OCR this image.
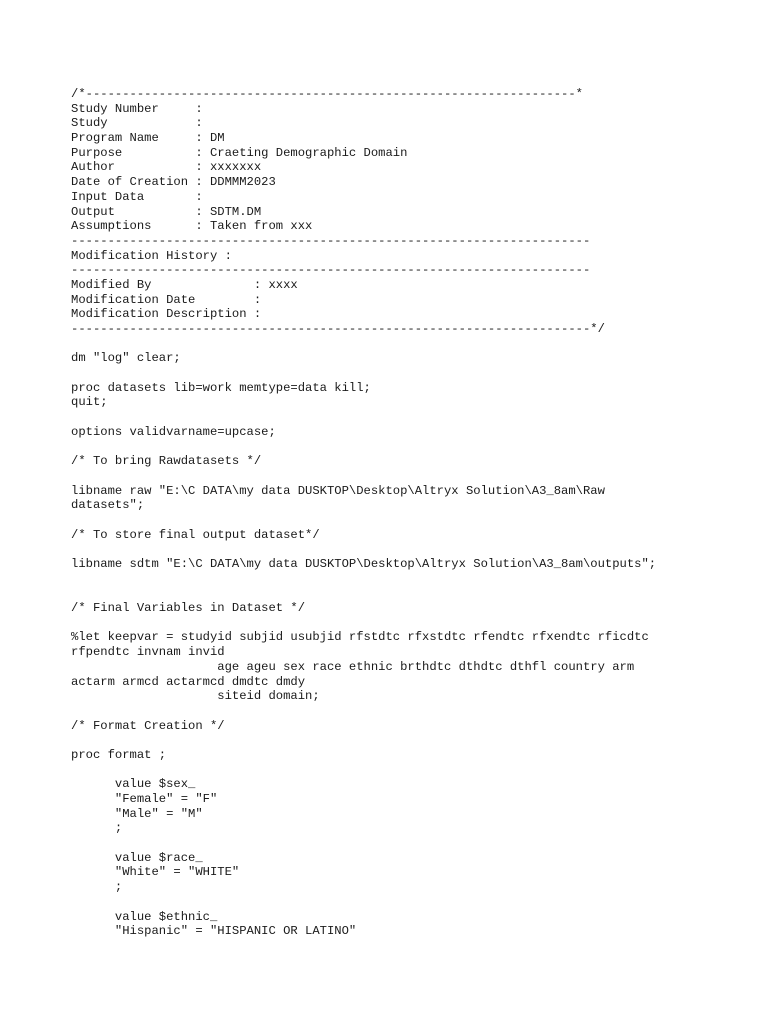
/*-------------------------------------------------------------------*
Study Number     :
Study            :
Program Name     : DM
Purpose          : Craeting Demographic Domain
Author           : xxxxxxx
Date of Creation : DDMMM2023
Input Data       :
Output           : SDTM.DM
Assumptions      : Taken from xxx
-----------------------------------------------------------------------
Modification History :
-----------------------------------------------------------------------
Modified By              : xxxx
Modification Date        :
Modification Description :
-----------------------------------------------------------------------*/
dm "log" clear;
proc datasets lib=work memtype=data kill;
quit;
options validvarname=upcase;
/* To bring Rawdatasets */
libname raw "E:\C DATA\my data DUSKTOP\Desktop\Altryx Solution\A3_8am\Raw
datasets";
/* To store final output dataset*/
libname sdtm "E:\C DATA\my data DUSKTOP\Desktop\Altryx Solution\A3_8am\outputs";
/* Final Variables in Dataset */
%let keepvar = studyid subjid usubjid rfstdtc rfxstdtc rfendtc rfxendtc rficdtc
rfpendtc invnam invid
age ageu sex race ethnic brthdtc dthdtc dthfl country arm
actarm armcd actarmcd dmdtc dmdy
siteid domain;
/* Format Creation */
proc format ;
value $sex_
"Female" = "F"
"Male" = "M"
;
value $race_
"White" = "WHITE"
;
value $ethnic_
"Hispanic" = "HISPANIC OR LATINO"
